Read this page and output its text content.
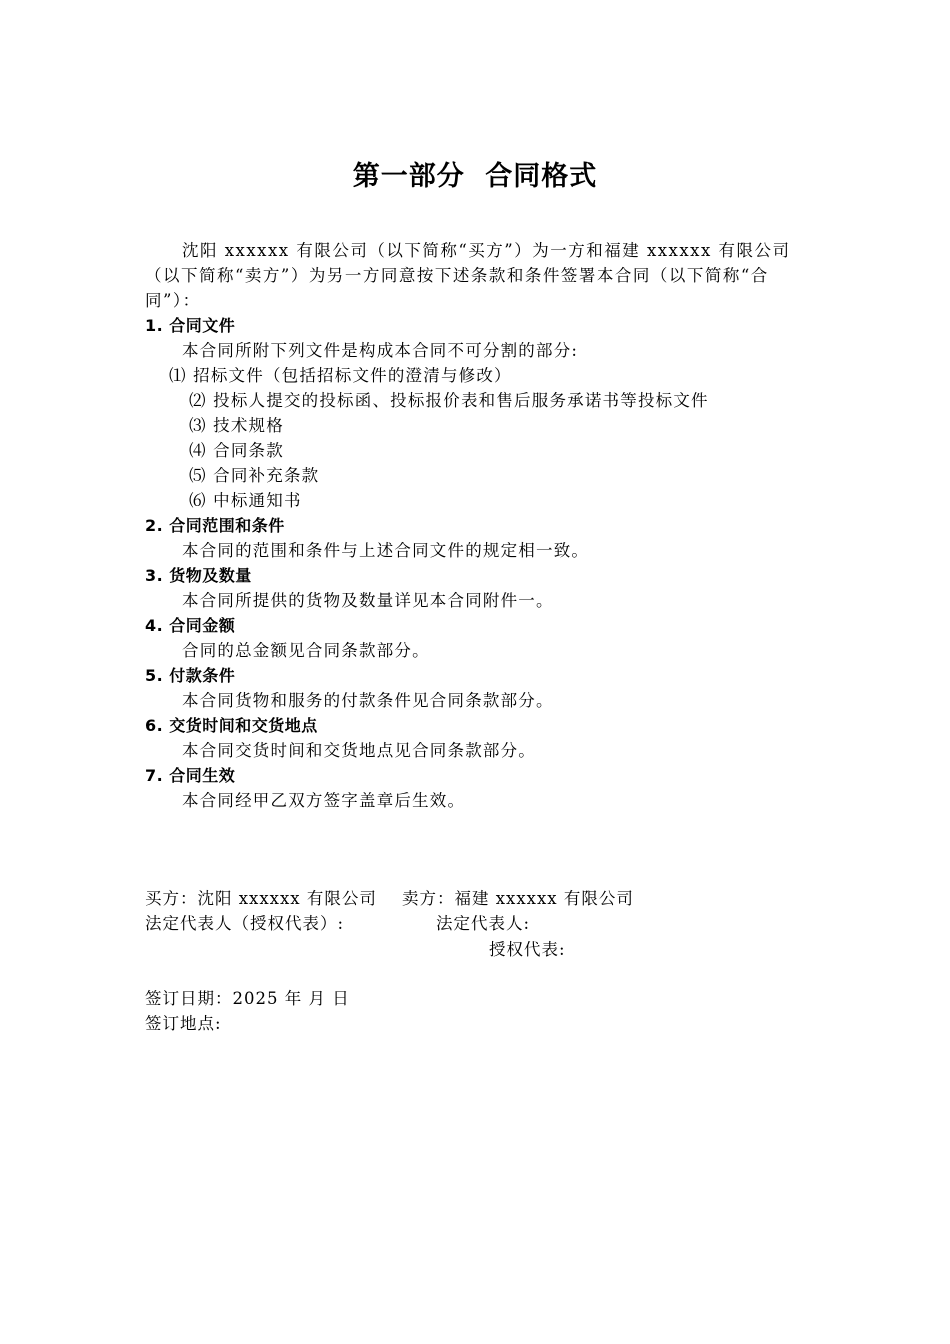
第一部分 合同格式

沈阳 xxxxxx 有限公司（以下简称“买方”）为一方和福建 xxxxxx 有限公司（以下简称“卖方”）为另一方同意按下述条款和条件签署本合同（以下简称“合同”）：

1. 合同文件
本合同所附下列文件是构成本合同不可分割的部分:
⑴ 招标文件（包括招标文件的澄清与修改）
⑵ 投标人提交的投标函、投标报价表和售后服务承诺书等投标文件
⑶ 技术规格
⑷ 合同条款
⑸ 合同补充条款
⑹ 中标通知书
2. 合同范围和条件
本合同的范围和条件与上述合同文件的规定相一致。
3. 货物及数量
本合同所提供的货物及数量详见本合同附件一。
4. 合同金额
合同的总金额见合同条款部分。
5. 付款条件
本合同货物和服务的付款条件见合同条款部分。
6. 交货时间和交货地点
本合同交货时间和交货地点见合同条款部分。
7. 合同生效
本合同经甲乙双方签字盖章后生效。
买方：沈阳 xxxxxx 有限公司 卖方：福建 xxxxxx 有限公司
法定代表人（授权代表）:	法定代表人:
授权代表:
签订日期：2025 年 月 日
签订地点:
